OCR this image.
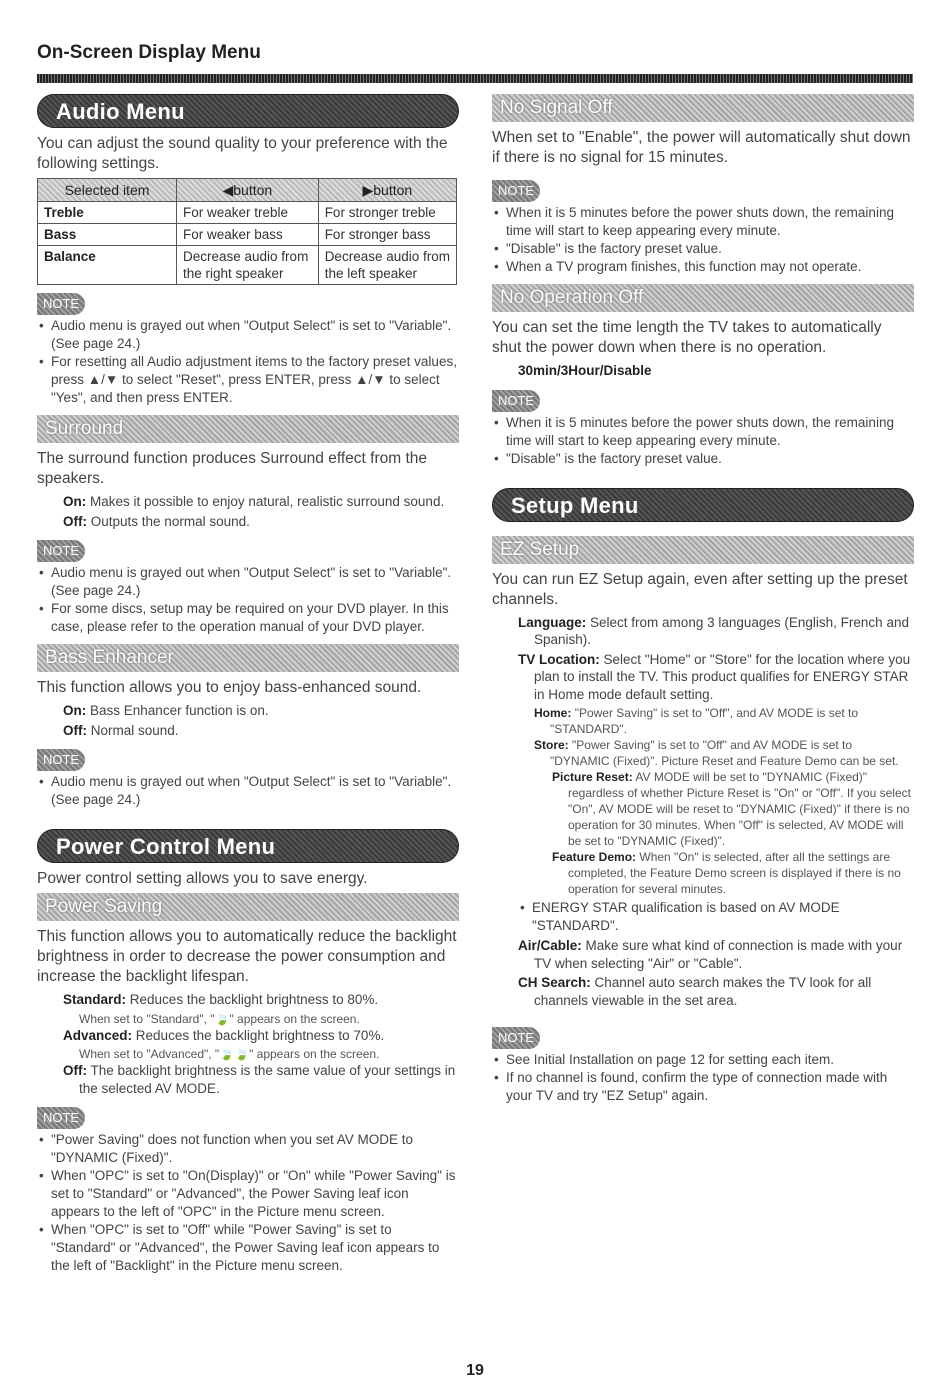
On-Screen Display Menu
Audio Menu

You can adjust the sound quality to your preference with the following settings.

Selected item	◀button	▶button
Treble	For weaker treble	For stronger treble
Bass	For weaker bass	For stronger bass
Balance	Decrease audio from the right speaker	Decrease audio from the left speaker
NOTE
• Audio menu is grayed out when "Output Select" is set to "Variable". (See page 24.)
• For resetting all Audio adjustment items to the factory preset values, press ▲/▼ to select "Reset", press ENTER, press ▲/▼ to select "Yes", and then press ENTER.
Surround

The surround function produces Surround effect from the speakers.

On: Makes it possible to enjoy natural, realistic surround sound.
Off: Outputs the normal sound.
NOTE
• Audio menu is grayed out when "Output Select" is set to "Variable". (See page 24.)
• For some discs, setup may be required on your DVD player. In this case, please refer to the operation manual of your DVD player.
Bass Enhancer

This function allows you to enjoy bass-enhanced sound.

On: Bass Enhancer function is on.
Off: Normal sound.
NOTE
• Audio menu is grayed out when "Output Select" is set to "Variable". (See page 24.)
Power Control Menu

Power control setting allows you to save energy.

Power Saving

This function allows you to automatically reduce the backlight brightness in order to decrease the power consumption and increase the backlight lifespan.

Standard: Reduces the backlight brightness to 80%.
When set to "Standard", "🍃" appears on the screen.
Advanced: Reduces the backlight brightness to 70%.
When set to "Advanced", "🍃🍃" appears on the screen.
Off: The backlight brightness is the same value of your settings in the selected AV MODE.
NOTE
• "Power Saving" does not function when you set AV MODE to "DYNAMIC (Fixed)".
• When "OPC" is set to "On(Display)" or "On" while "Power Saving" is set to "Standard" or "Advanced", the Power Saving leaf icon appears to the left of "OPC" in the Picture menu screen.
• When "OPC" is set to "Off" while "Power Saving" is set to "Standard" or "Advanced", the Power Saving leaf icon appears to the left of "Backlight" in the Picture menu screen.
No Signal Off

When set to "Enable", the power will automatically shut down if there is no signal for 15 minutes.

NOTE
• When it is 5 minutes before the power shuts down, the remaining time will start to keep appearing every minute.
• "Disable" is the factory preset value.
• When a TV program finishes, this function may not operate.
No Operation Off

You can set the time length the TV takes to automatically shut the power down when there is no operation.

30min/3Hour/Disable
NOTE
• When it is 5 minutes before the power shuts down, the remaining time will start to keep appearing every minute.
• "Disable" is the factory preset value.
Setup Menu
EZ Setup

You can run EZ Setup again, even after setting up the preset channels.

Language: Select from among 3 languages (English, French and Spanish).
TV Location: Select "Home" or "Store" for the location where you plan to install the TV. This product qualifies for ENERGY STAR in Home mode default setting.
Home: "Power Saving" is set to "Off", and AV MODE is set to "STANDARD".
Store: "Power Saving" is set to "Off" and AV MODE is set to "DYNAMIC (Fixed)". Picture Reset and Feature Demo can be set.
Picture Reset: AV MODE will be set to "DYNAMIC (Fixed)" regardless of whether Picture Reset is "On" or "Off". If you select "On", AV MODE will be reset to "DYNAMIC (Fixed)" if there is no operation for 30 minutes. When "Off" is selected, AV MODE will be set to "DYNAMIC (Fixed)".
Feature Demo: When "On" is selected, after all the settings are completed, the Feature Demo screen is displayed if there is no operation for several minutes.
• ENERGY STAR qualification is based on AV MODE "STANDARD".
Air/Cable: Make sure what kind of connection is made with your TV when selecting "Air" or "Cable".
CH Search: Channel auto search makes the TV look for all channels viewable in the set area.
NOTE
• See Initial Installation on page 12 for setting each item.
• If no channel is found, confirm the type of connection made with your TV and try "EZ Setup" again.
19
